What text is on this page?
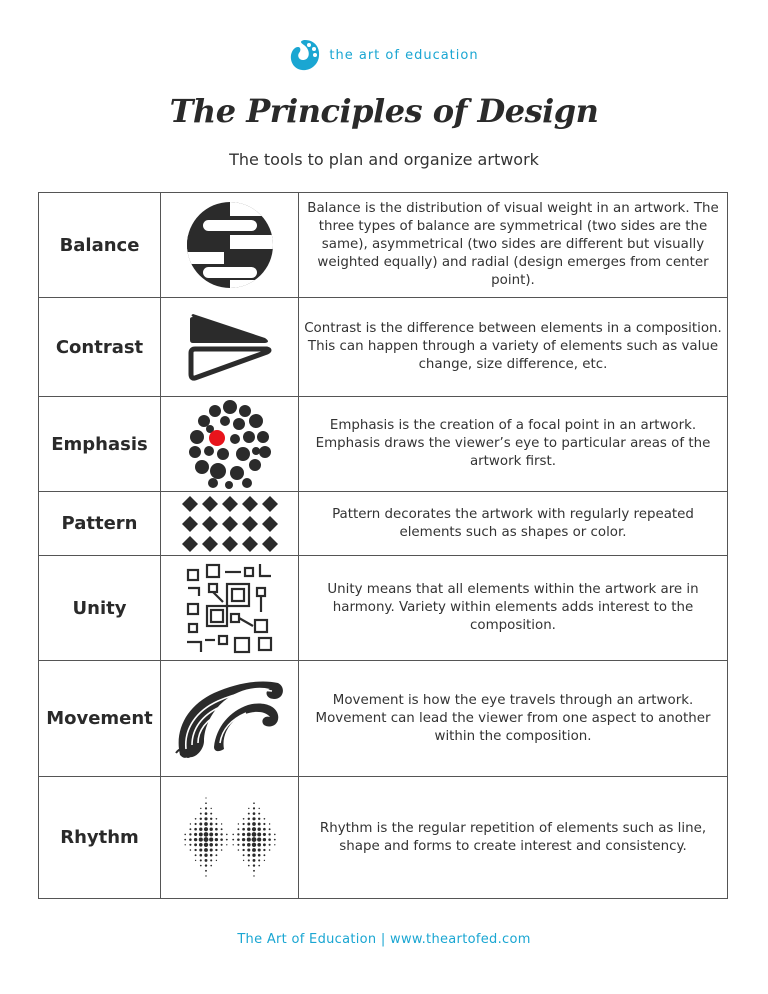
the art of education
The Principles of Design
The tools to plan and organize artwork
Balance		Balance is the distribution of visual weight in an artwork. The three types of balance are symmetrical (two sides are the same), asymmetrical (two sides are different but visually weighted equally) and radial (design emerges from center point).
Contrast		Contrast is the difference between elements in a composition. This can happen through a variety of elements such as value change, size difference, etc.
Emphasis		Emphasis is the creation of a focal point in an artwork. Emphasis draws the viewer’s eye to particular areas of the artwork first.
Pattern		Pattern decorates the artwork with regularly repeated elements such as shapes or color.
Unity		Unity means that all elements within the artwork are in harmony. Variety within elements adds interest to the composition.
Movement		Movement is how the eye travels through an artwork. Movement can lead the viewer from one aspect to another within the composition.
Rhythm		Rhythm is the regular repetition of elements such as line, shape and forms to create interest and consistency.
The Art of Education | www.theartofed.com
